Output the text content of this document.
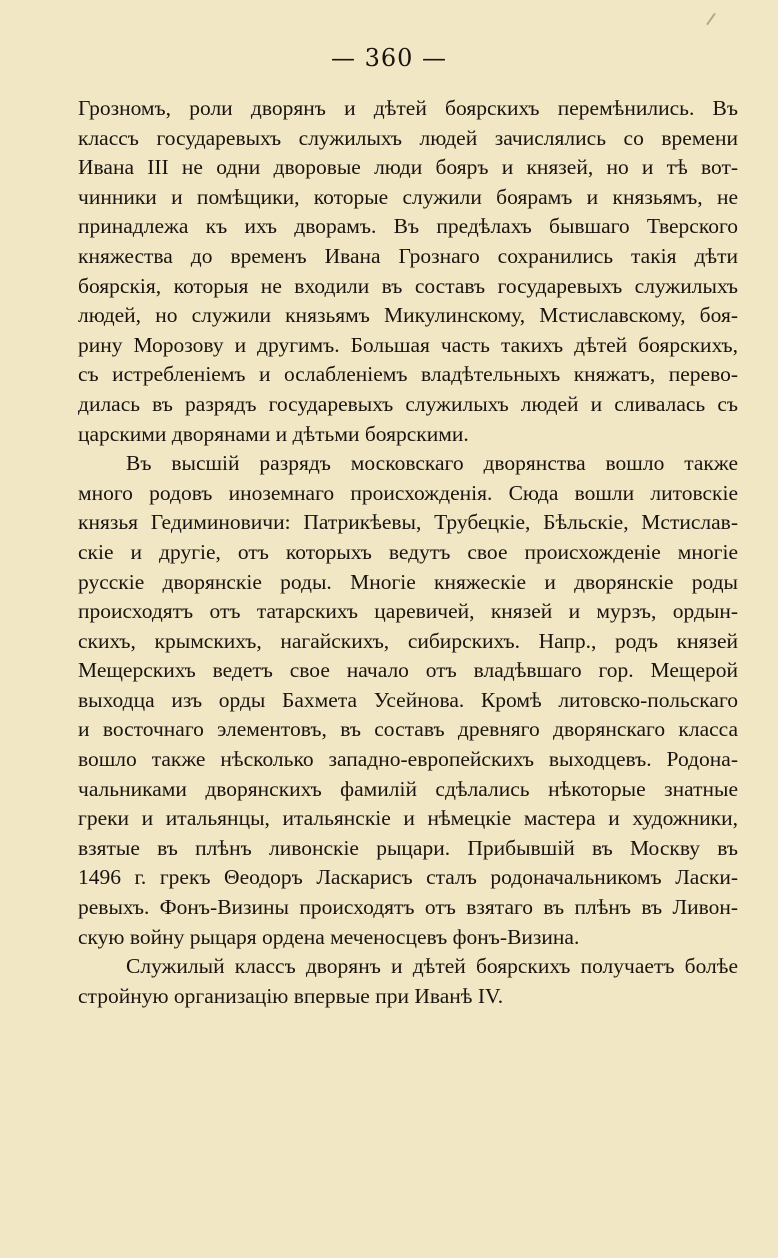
— 360 —
Грозномъ, роли дворянъ и дѣтей боярскихъ перемѣнились. Въ
классъ государевыхъ служилыхъ людей зачислялись со времени
Ивана III не одни дворовые люди бояръ и князей, но и тѣ вот-
чинники и помѣщики, которые служили боярамъ и князьямъ, не
принадлежа къ ихъ дворамъ. Въ предѣлахъ бывшаго Тверского
княжества до временъ Ивана Грознаго сохранились такія дѣти
боярскія, которыя не входили въ составъ государевыхъ служилыхъ
людей, но служили князьямъ Микулинскому, Мстиславскому, боя-
рину Морозову и другимъ. Большая часть такихъ дѣтей боярскихъ,
съ истребленіемъ и ослабленіемъ владѣтельныхъ княжатъ, перево-
дилась въ разрядъ государевыхъ служилыхъ людей и сливалась съ
царскими дворянами и дѣтьми боярскими.
Въ высшій разрядъ московскаго дворянства вошло также
много родовъ иноземнаго происхожденія. Сюда вошли литовскіе
князья Гедиминовичи: Патрикѣевы, Трубецкіе, Бѣльскіе, Мстислав-
скіе и другіе, отъ которыхъ ведутъ свое происхожденіе многіе
русскіе дворянскіе роды. Многіе княжескіе и дворянскіе роды
происходятъ отъ татарскихъ царевичей, князей и мурзъ, ордын-
скихъ, крымскихъ, нагайскихъ, сибирскихъ. Напр., родъ князей
Мещерскихъ ведетъ свое начало отъ владѣвшаго гор. Мещерой
выходца изъ орды Бахмета Усейнова. Кромѣ литовско-польскаго
и восточнаго элементовъ, въ составъ древняго дворянскаго класса
вошло также нѣсколько западно-европейскихъ выходцевъ. Родона-
чальниками дворянскихъ фамилій сдѣлались нѣкоторые знатные
греки и итальянцы, итальянскіе и нѣмецкіе мастера и художники,
взятые въ плѣнъ ливонскіе рыцари. Прибывшій въ Москву въ
1496 г. грекъ Θеодоръ Ласкарисъ сталъ родоначальникомъ Ласки-
ревыхъ. Фонъ-Визины происходятъ отъ взятаго въ плѣнъ въ Ливон-
скую войну рыцаря ордена меченосцевъ фонъ-Визина.
Служилый классъ дворянъ и дѣтей боярскихъ получаетъ болѣе
стройную организацію впервые при Иванѣ IV.
